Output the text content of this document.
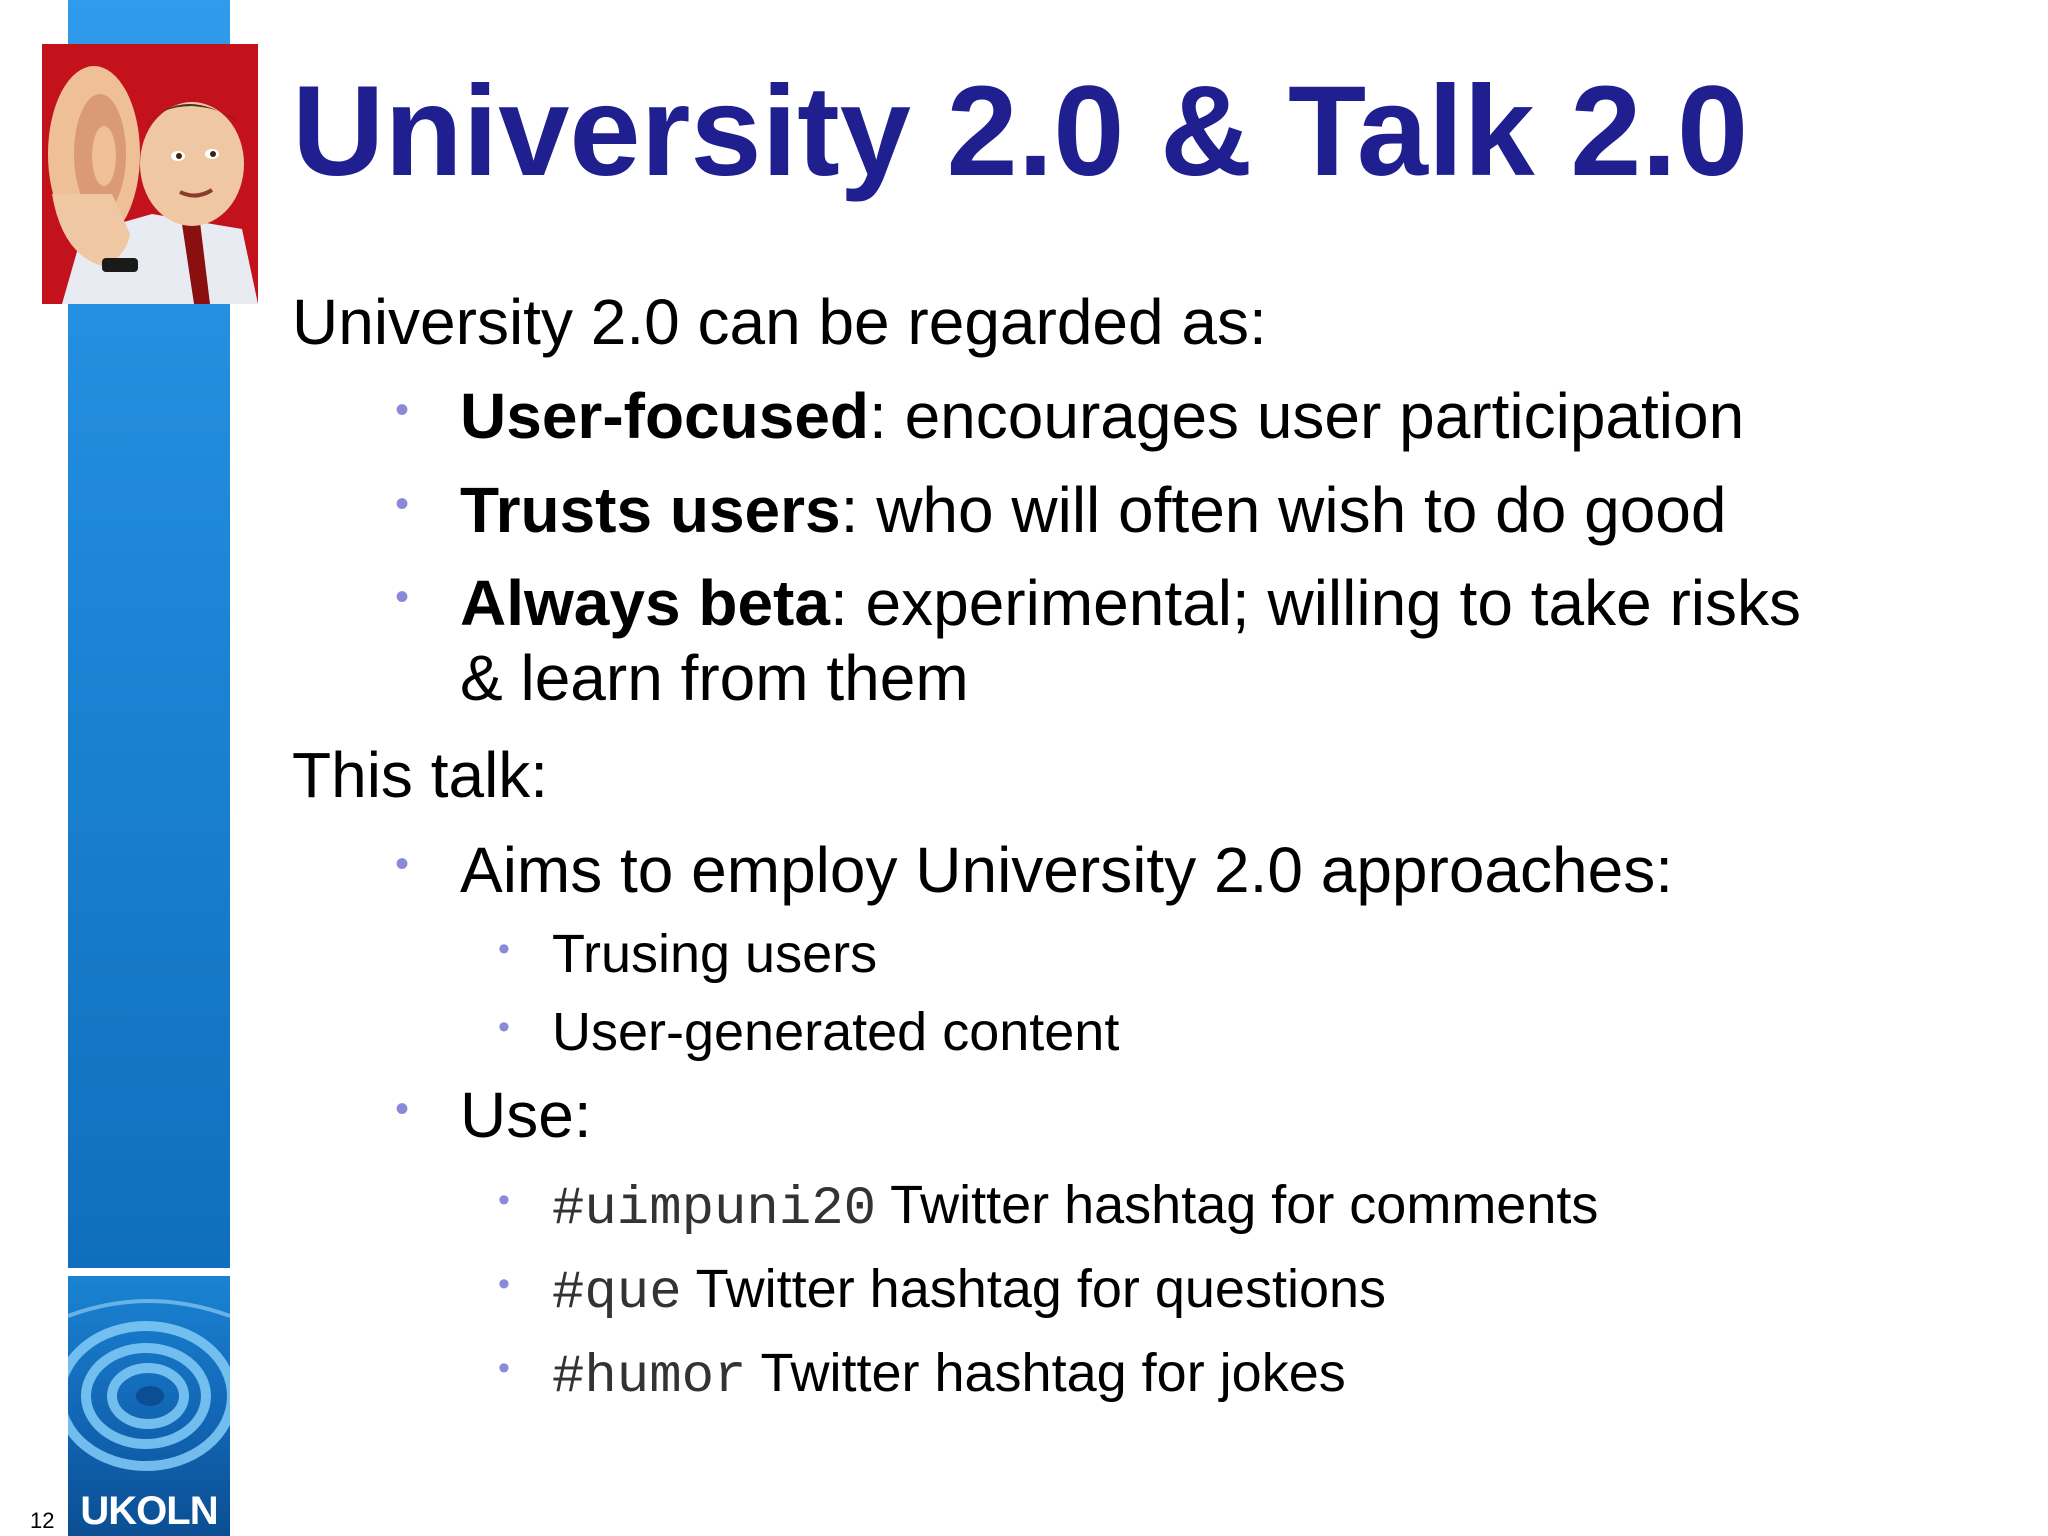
UKOLN
12
University 2.0 & Talk 2.0
University 2.0 can be regarded as:
• User-focused: encourages user participation
• Trusts users: who will often wish to do good
• Always beta: experimental; willing to take risks
& learn from them
This talk:
• Aims to employ University 2.0 approaches:
• Trusing users
• User-generated content
• Use:
• #uimpuni20 Twitter hashtag for comments
• #que Twitter hashtag for questions
• #humor Twitter hashtag for jokes
